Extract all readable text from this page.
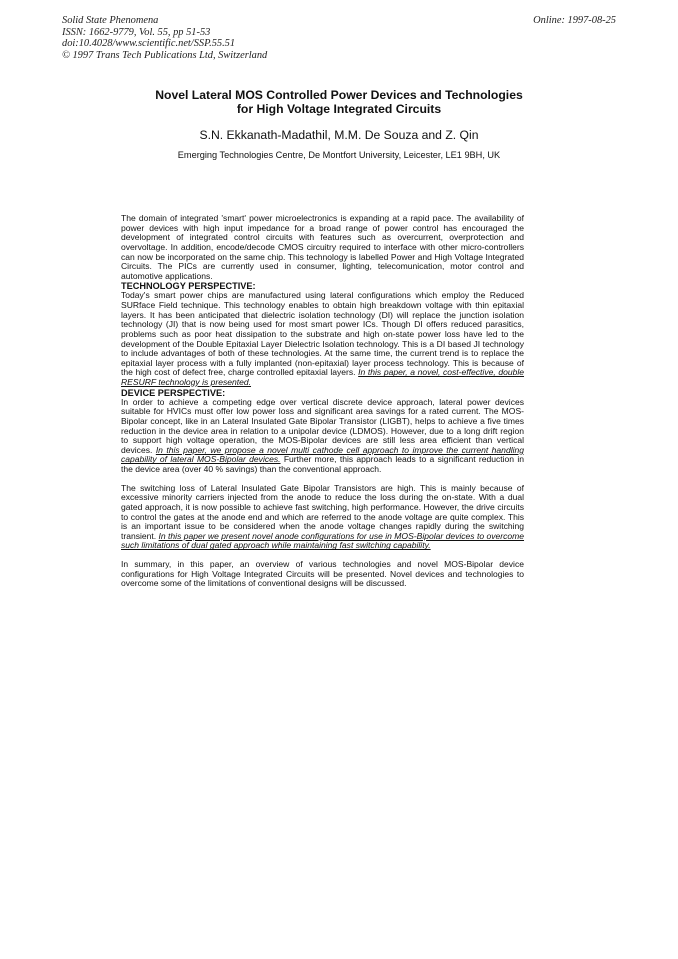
Solid State Phenomena
ISSN: 1662-9779, Vol. 55, pp 51-53
doi:10.4028/www.scientific.net/SSP.55.51
© 1997 Trans Tech Publications Ltd, Switzerland
Online: 1997-08-25
Novel Lateral MOS Controlled Power Devices and Technologies
for High Voltage Integrated Circuits
S.N. Ekkanath-Madathil, M.M. De Souza and Z. Qin
Emerging Technologies Centre, De Montfort University, Leicester, LE1 9BH, UK

The domain of integrated 'smart' power microelectronics is expanding at a rapid pace. The availability of power devices with high input impedance for a broad range of power control has encouraged the development of integrated control circuits with features such as overcurrent, overprotection and overvoltage. In addition, encode/decode CMOS circuitry required to interface with other micro-controllers can now be incorporated on the same chip. This technology is labelled Power and High Voltage Integrated Circuits. The PICs are currently used in consumer, lighting, telecomunication, motor control and automotive applications.

TECHNOLOGY PERSPECTIVE:

Today's smart power chips are manufactured using lateral configurations which employ the Reduced SURface Field technique. This technology enables to obtain high breakdown voltage with thin epitaxial layers. It has been anticipated that dielectric isolation technology (DI) will replace the junction isolation technology (JI) that is now being used for most smart power ICs. Though DI offers reduced parasitics, problems such as poor heat dissipation to the substrate and high on-state power loss have led to the development of the Double Epitaxial Layer Dielectric Isolation technology. This is a DI based JI technology to include advantages of both of these technologies. At the same time, the current trend is to replace the epitaxial layer process with a fully implanted (non-epitaxial) layer process technology. This is because of the high cost of defect free, charge controlled epitaxial layers. In this paper, a novel, cost-effective, double RESURF technology is presented.

DEVICE PERSPECTIVE:

In order to achieve a competing edge over vertical discrete device approach, lateral power devices suitable for HVICs must offer low power loss and significant area savings for a rated current. The MOS-Bipolar concept, like in an Lateral Insulated Gate Bipolar Transistor (LIGBT), helps to achieve a five times reduction in the device area in relation to a unipolar device (LDMOS). However, due to a long drift region to support high voltage operation, the MOS-Bipolar devices are still less area efficient than vertical devices. In this paper, we propose a novel multi cathode cell approach to improve the current handling capability of lateral MOS-Bipolar devices. Further more, this approach leads to a significant reduction in the device area (over 40 % savings) than the conventional approach.

The switching loss of Lateral Insulated Gate Bipolar Transistors are high. This is mainly because of excessive minority carriers injected from the anode to reduce the loss during the on-state. With a dual gated approach, it is now possible to achieve fast switching, high performance. However, the drive circuits to control the gates at the anode end and which are referred to the anode voltage are quite complex. This is an important issue to be considered when the anode voltage changes rapidly during the switching transient. In this paper we present novel anode configurations for use in MOS-Bipolar devices to overcome such limitations of dual gated approach while maintaining fast switching capability.

In summary, in this paper, an overview of various technologies and novel MOS-Bipolar device configurations for High Voltage Integrated Circuits will be presented. Novel devices and technologies to overcome some of the limitations of conventional designs will be discussed.
